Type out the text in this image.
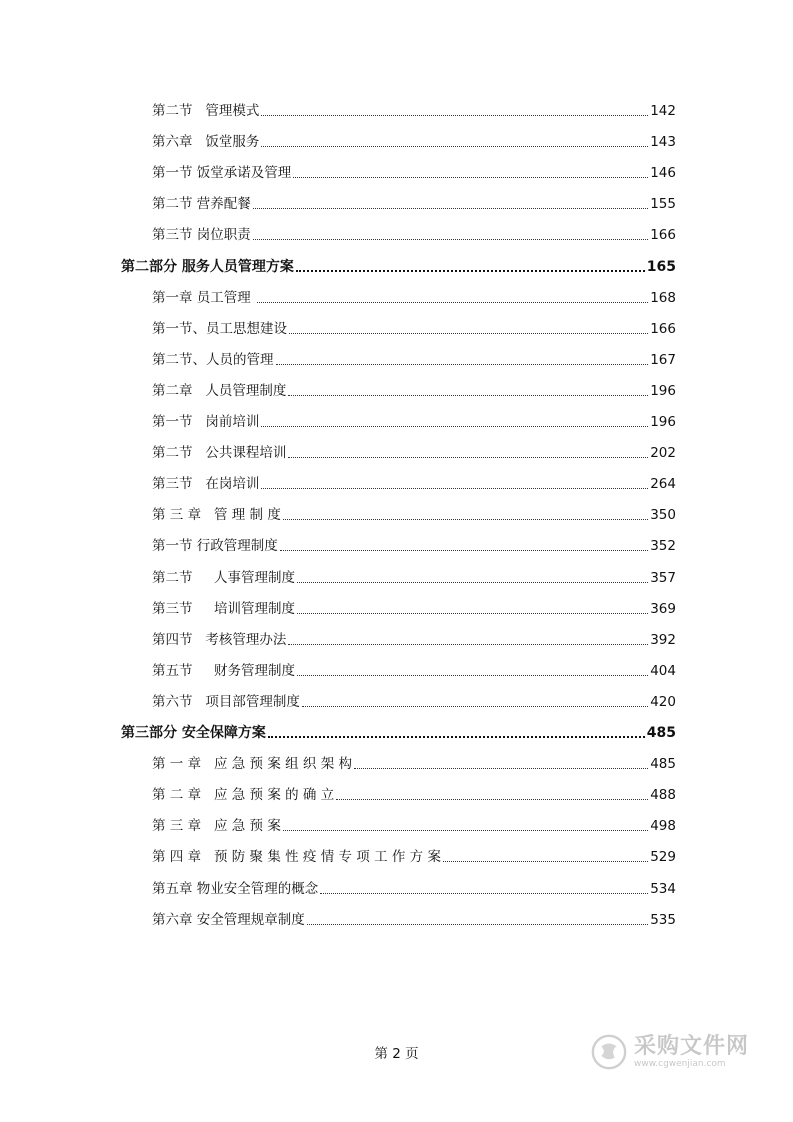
第二节   管理模式	142
第六章   饭堂服务	143
第一节 饭堂承诺及管理	146
第二节 营养配餐	155
第三节 岗位职责	166
第二部分 服务人员管理方案	165
第一章 员工管理	168
第一节、员工思想建设	166
第二节、人员的管理	167
第二章   人员管理制度	196
第一节   岗前培训	196
第二节   公共课程培训	202
第三节   在岗培训	264
第 三 章   管 理 制 度	350
第一节 行政管理制度	352
第二节     人事管理制度	357
第三节     培训管理制度	369
第四节   考核管理办法	392
第五节     财务管理制度	404
第六节   项目部管理制度	420
第三部分 安全保障方案	485
第 一 章   应 急 预 案 组 织 架 构	485
第 二 章   应 急 预 案 的 确 立	488
第 三 章   应 急 预 案	498
第 四 章   预 防 聚 集 性 疫 情 专 项 工 作 方 案	529
第五章 物业安全管理的概念	534
第六章 安全管理规章制度	535
第 2 页	采购文件网
www.cgwenjian.com
